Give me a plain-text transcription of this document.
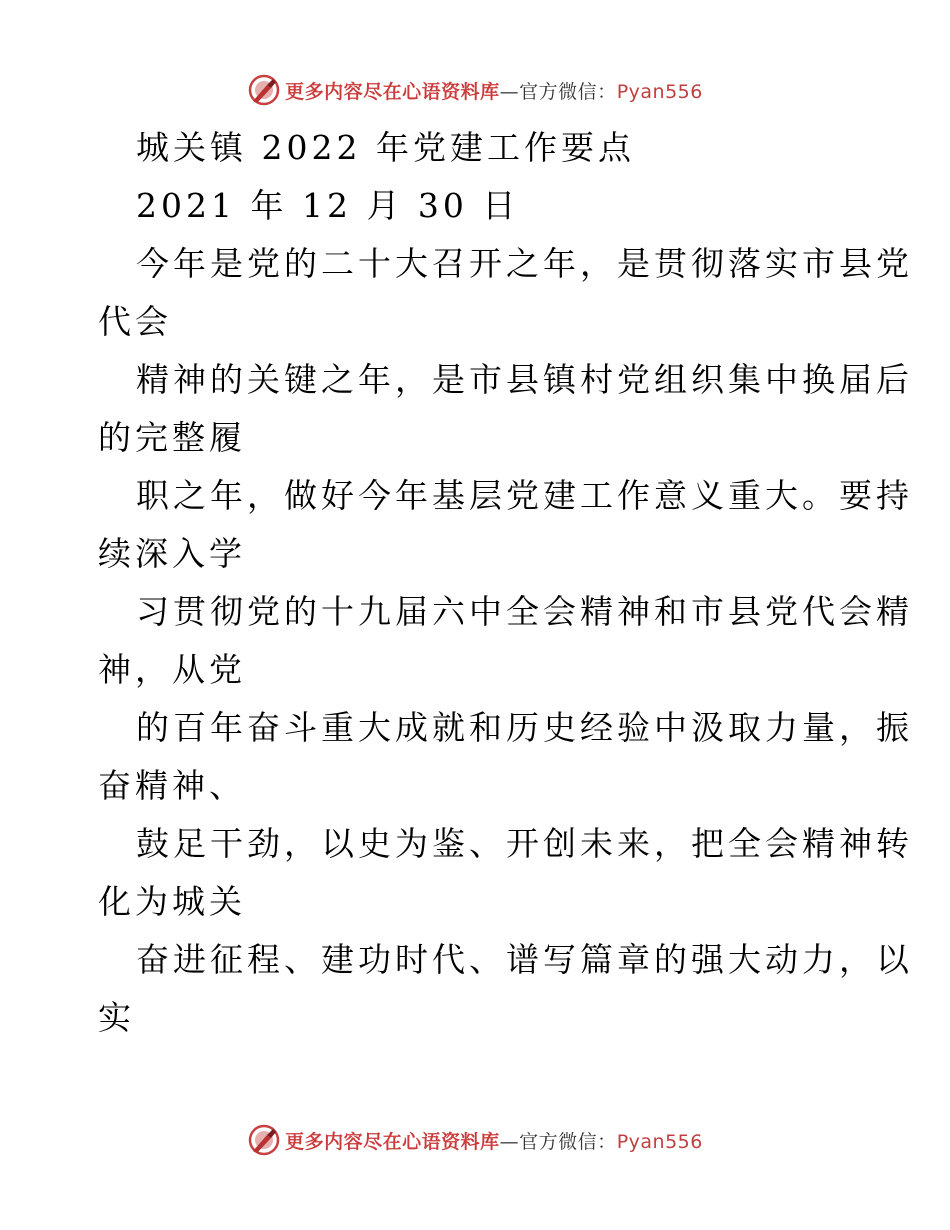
更多内容尽在心语资料库—官方微信：Pyan556
城关镇 2022 年党建工作要点
2021 年 12 月 30 日
今年是党的二十大召开之年，是贯彻落实市县党
代会
精神的关键之年，是市县镇村党组织集中换届后
的完整履
职之年，做好今年基层党建工作意义重大。要持
续深入学
习贯彻党的十九届六中全会精神和市县党代会精
神，从党
的百年奋斗重大成就和历史经验中汲取力量，振
奋精神、
鼓足干劲，以史为鉴、开创未来，把全会精神转
化为城关
奋进征程、建功时代、谱写篇章的强大动力，以
实
更多内容尽在心语资料库—官方微信：Pyan556
